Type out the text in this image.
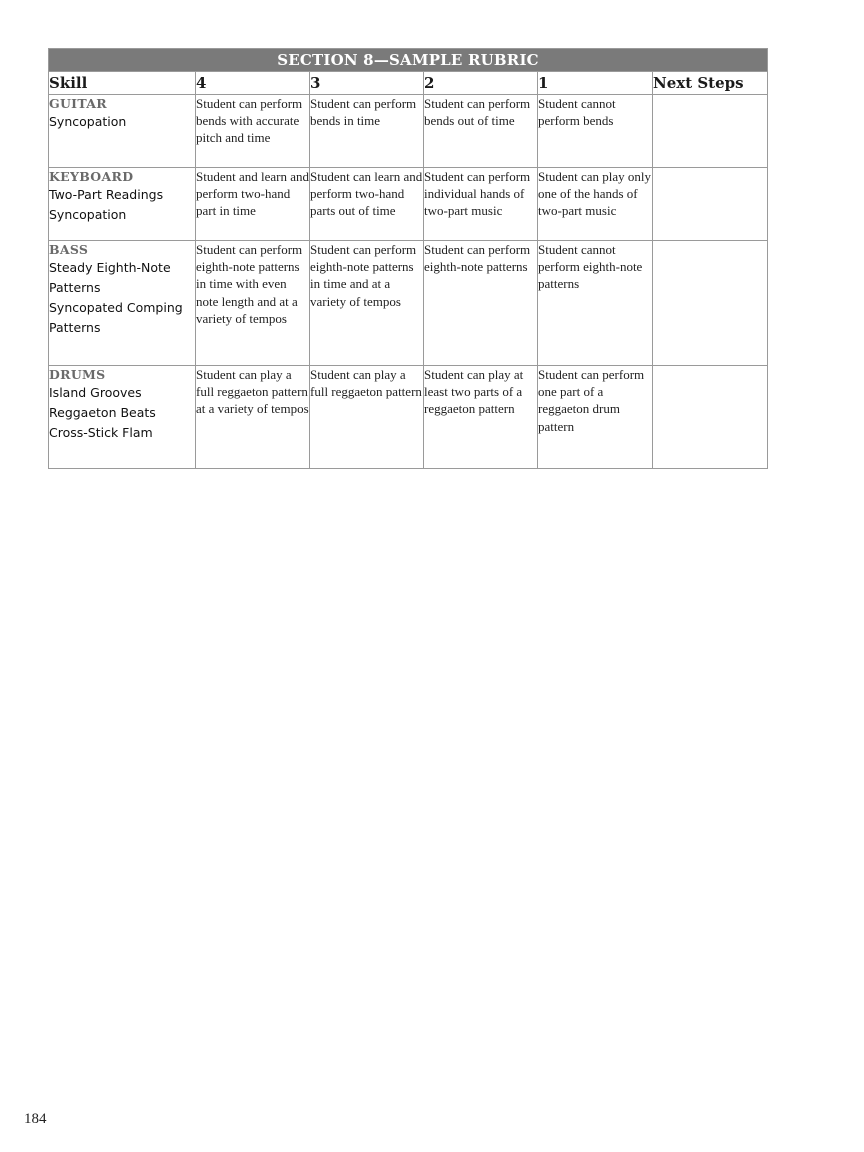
SECTION 8—SAMPLE RUBRIC					
Skill	4	3	2	1	Next Steps

GUITAR
Syncopation	Student can perform bends with accurate pitch and time	Student can perform bends in time	Student can perform bends out of time	Student cannot perform bends	

KEYBOARD
Two-Part Readings
Syncopation	Student and learn and perform two-hand part in time	Student can learn and perform two-hand parts out of time	Student can perform individual hands of two-part music	Student can play only one of the hands of two-part music	

BASS
Steady Eighth-Note Patterns
Syncopated Comping Patterns	Student can perform eighth-note patterns in time with even note length and at a variety of tempos	Student can perform eighth-note patterns in time and at a variety of tempos	Student can perform eighth-note patterns	Student cannot perform eighth-note patterns	

DRUMS
Island Grooves
Reggaeton Beats
Cross-Stick Flam	Student can play a full reggaeton pattern at a variety of tempos	Student can play a full reggaeton pattern	Student can play at least two parts of a reggaeton pattern	Student can perform one part of a reggaeton drum pattern	
184
